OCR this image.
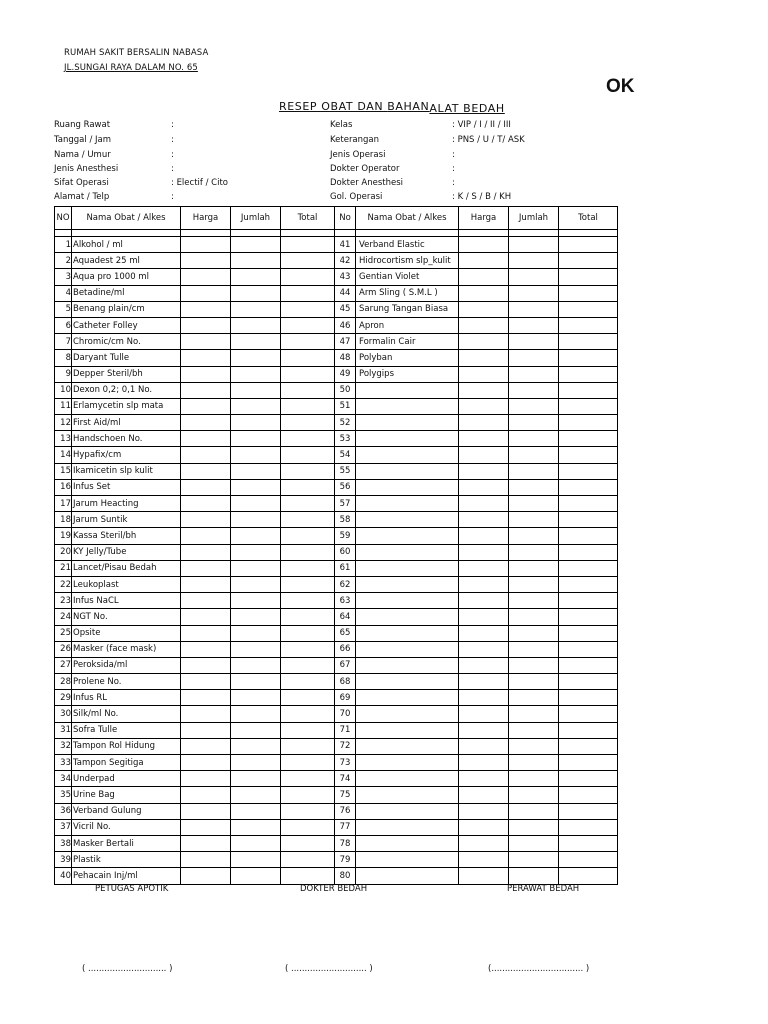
RUMAH SAKIT BERSALIN NABASA
JL.SUNGAI RAYA DALAM NO. 65
OK
RESEP OBAT DAN BAHANALAT BEDAH
Ruang Rawat	:
Tanggal / Jam	:
Nama / Umur	:
Jenis Anesthesi	:
Sifat Operasi	: Electif / Cito
Alamat / Telp	:
Kelas	: VIP / I / II / III
Keterangan	: PNS / U / T/ ASK
Jenis Operasi	:
Dokter Operator	:
Dokter Anesthesi	:
Gol. Operasi	: K / S / B / KH
NO	Nama Obat / Alkes	Harga	Jumlah	Total	No	Nama Obat / Alkes	Harga	Jumlah	Total

1	Alkohol / ml				41	Verband Elastic			
2	Aquadest 25 ml				42	Hidrocortism slp_kulit			
3	Aqua pro 1000 ml				43	Gentian Violet			
4	Betadine/ml				44	Arm Sling ( S.M.L )			
5	Benang plain/cm				45	Sarung Tangan Biasa			
6	Catheter Folley				46	Apron			
7	Chromic/cm No.				47	Formalin Cair			
8	Daryant Tulle				48	Polyban			
9	Depper Steril/bh				49	Polygips			
10	Dexon 0,2; 0,1 No.				50				
11	Erlamycetin slp mata				51				
12	First Aid/ml				52				
13	Handschoen No.				53				
14	Hypafix/cm				54				
15	Ikamicetin slp kulit				55				
16	Infus Set				56				
17	Jarum Heacting				57				
18	Jarum Suntik				58				
19	Kassa Steril/bh				59				
20	KY Jelly/Tube				60				
21	Lancet/Pisau Bedah				61				
22	Leukoplast				62				
23	Infus NaCL				63				
24	NGT No.				64				
25	Opsite				65				
26	Masker (face mask)				66				
27	Peroksida/ml				67				
28	Prolene No.				68				
29	Infus RL				69				
30	Silk/ml No.				70				
31	Sofra Tulle				71				
32	Tampon Rol Hidung				72				
33	Tampon Segitiga				73				
34	Underpad				74				
35	Urine Bag				75				
36	Verband Gulung				76				
37	Vicril No.				77				
38	Masker Bertali				78				
39	Plastik				79				
40	Pehacain Inj/ml				80				
PETUGAS APOTIK
( ............................. )
DOKTER BEDAH
( ............................ )
PERAWAT BEDAH
(.................................. )
